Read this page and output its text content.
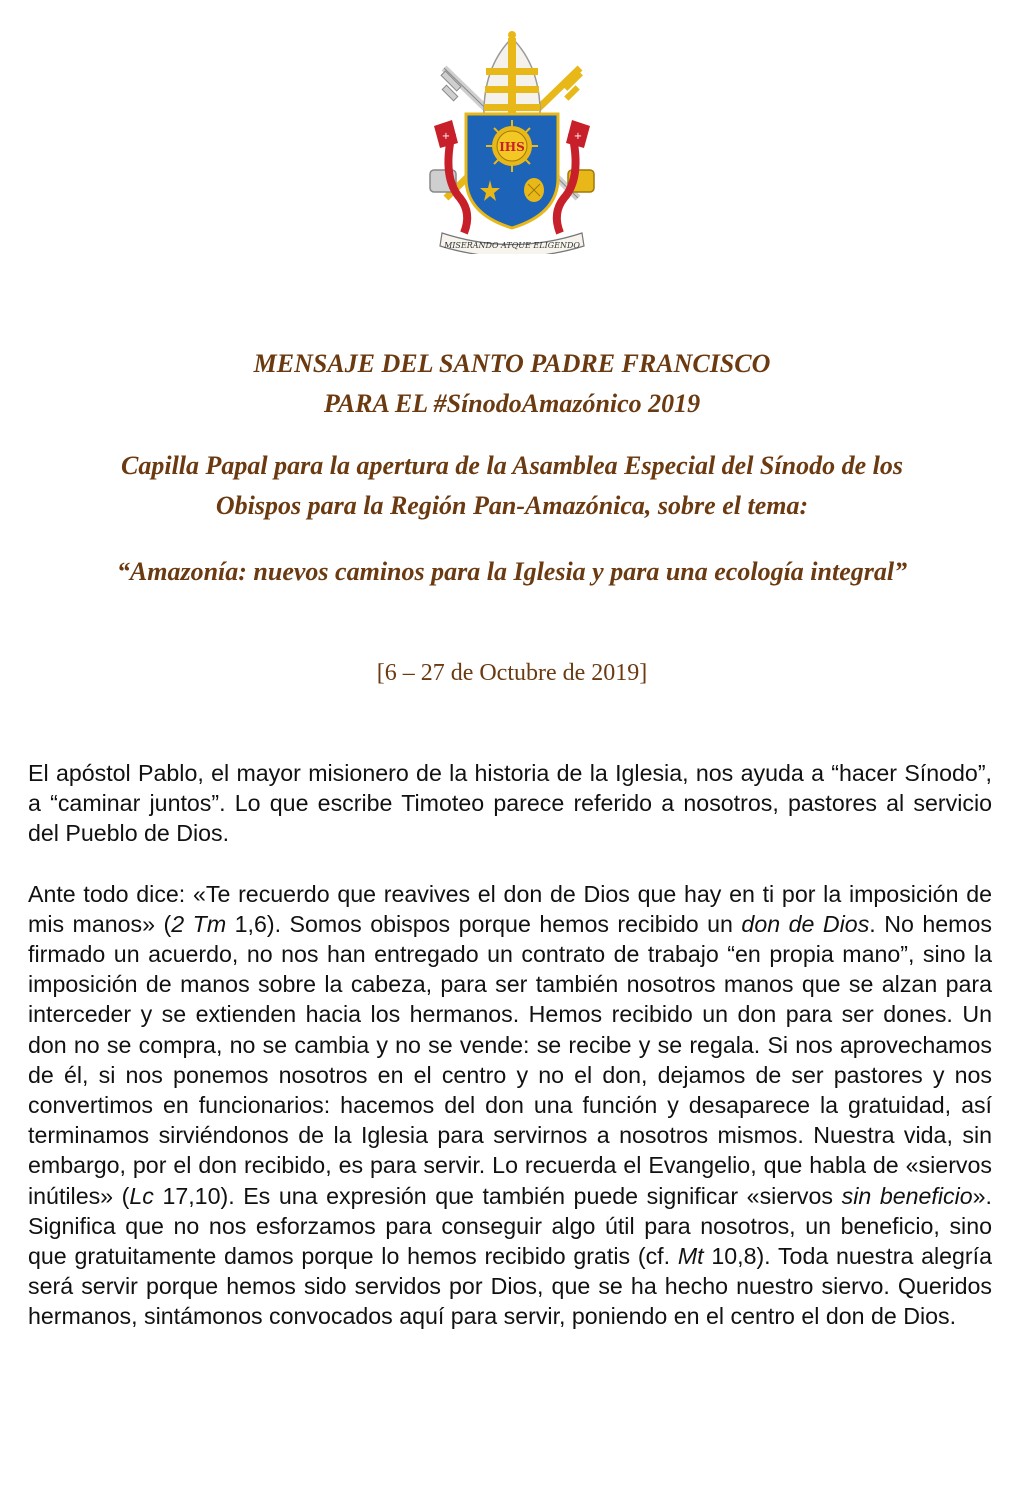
+	+
IHS
MISERANDO ATQUE ELIGENDO

MENSAJE DEL SANTO PADRE FRANCISCO

PARA EL #SínodoAmazónico 2019

Capilla Papal para la apertura de la Asamblea Especial del Sínodo de los

Obispos para la Región Pan-Amazónica, sobre el tema:

“Amazonía: nuevos caminos para la Iglesia y para una ecología integral”

[6 – 27 de Octubre de 2019]

El apóstol Pablo, el mayor misionero de la historia de la Iglesia, nos ayuda a “hacer Sínodo”, a “caminar juntos”. Lo que escribe Timoteo parece referido a nosotros, pastores al servicio del Pueblo de Dios.

Ante todo dice: «Te recuerdo que reavives el don de Dios que hay en ti por la imposición de mis manos» (2 Tm 1,6). Somos obispos porque hemos recibido un don de Dios. No hemos firmado un acuerdo, no nos han entregado un contrato de trabajo “en propia mano”, sino la imposición de manos sobre la cabeza, para ser también nosotros manos que se alzan para interceder y se extienden hacia los hermanos. Hemos recibido un don para ser dones. Un don no se compra, no se cambia y no se vende: se recibe y se regala. Si nos aprovechamos de él, si nos ponemos nosotros en el centro y no el don, dejamos de ser pastores y nos convertimos en funcionarios: hacemos del don una función y desaparece la gratuidad, así terminamos sirviéndonos de la Iglesia para servirnos a nosotros mismos. Nuestra vida, sin embargo, por el don recibido, es para servir. Lo recuerda el Evangelio, que habla de «siervos inútiles» (Lc 17,10). Es una expresión que también puede significar «siervos sin beneficio». Significa que no nos esforzamos para conseguir algo útil para nosotros, un beneficio, sino que gratuitamente damos porque lo hemos recibido gratis (cf. Mt 10,8). Toda nuestra alegría será servir porque hemos sido servidos por Dios, que se ha hecho nuestro siervo. Queridos hermanos, sintámonos convocados aquí para servir, poniendo en el centro el don de Dios.
